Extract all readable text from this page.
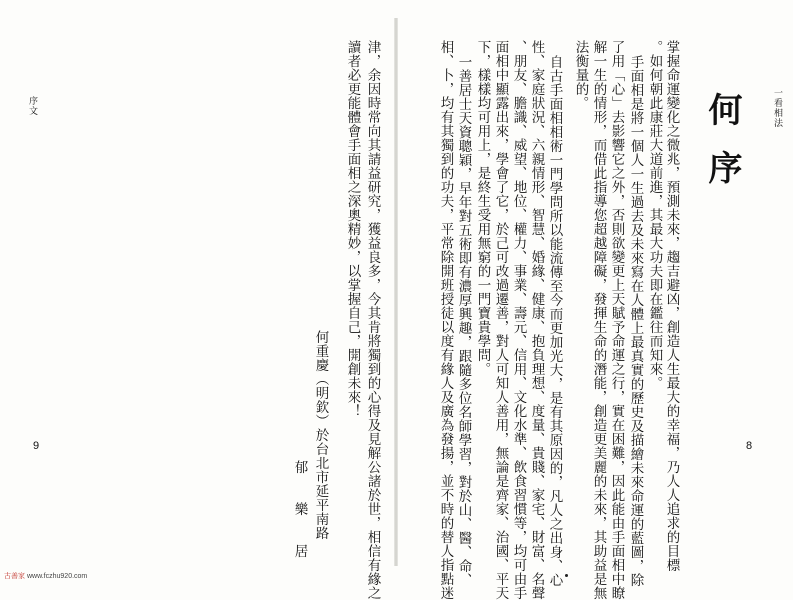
一看相法
何序
掌握命運變化之微兆，預測未來，趨吉避凶，創造人生最大的幸福，乃人人追求的目標
。如何朝此康莊大道前進，其最大功夫即在鑑往而知來。
手面相是將一個人一生過去及未來寫在人體上最真實的歷史及描繪未來命運的藍圖，除
了用「心」去影響它之外，否則欲變更上天賦予命運之行，實在困難，因此能由手面相中瞭
解一生的情形，而借此指導您超越障礙，發揮生命的潛能，創造更美麗的未來，其助益是無
法衡量的。
自古手面相相術一門學問所以能流傳至今而更加光大，是有其原因的，凡人之出身、心
性、家庭狀況、六親情形、智慧、婚緣、健康、抱負理想、度量、貴賤、家宅、財富、名聲
、朋友、膽識、威望、地位、權力、事業、壽元、信用、文化水準、飲食習慣等，均可由手
面相中顯露出來，學會了它，於己可改過遷善，對人可知人善用，無論是齊家、治國、平天
下，樣樣均可用上，是終生受用無窮的一門寶貴學問。
一善居士天資聰穎，早年對五術即有濃厚興趣，跟隨多位名師學習，對於山、醫、命、
相、卜，均有其獨到的功夫，平常除開班授徒以度有緣人及廣為發揚，並不時的替人指點迷	8
津，余因時常向其請益研究，獲益良多，今其肯將獨到的心得及見解公諸於世，相信有緣之
讀者必更能體會手面相之深奧精妙，以掌握自己，開創未來！
何重慶（明欽）於台北市延平南路
郁　　樂　　居
序文
9
古善家 www.fczhu920.com
